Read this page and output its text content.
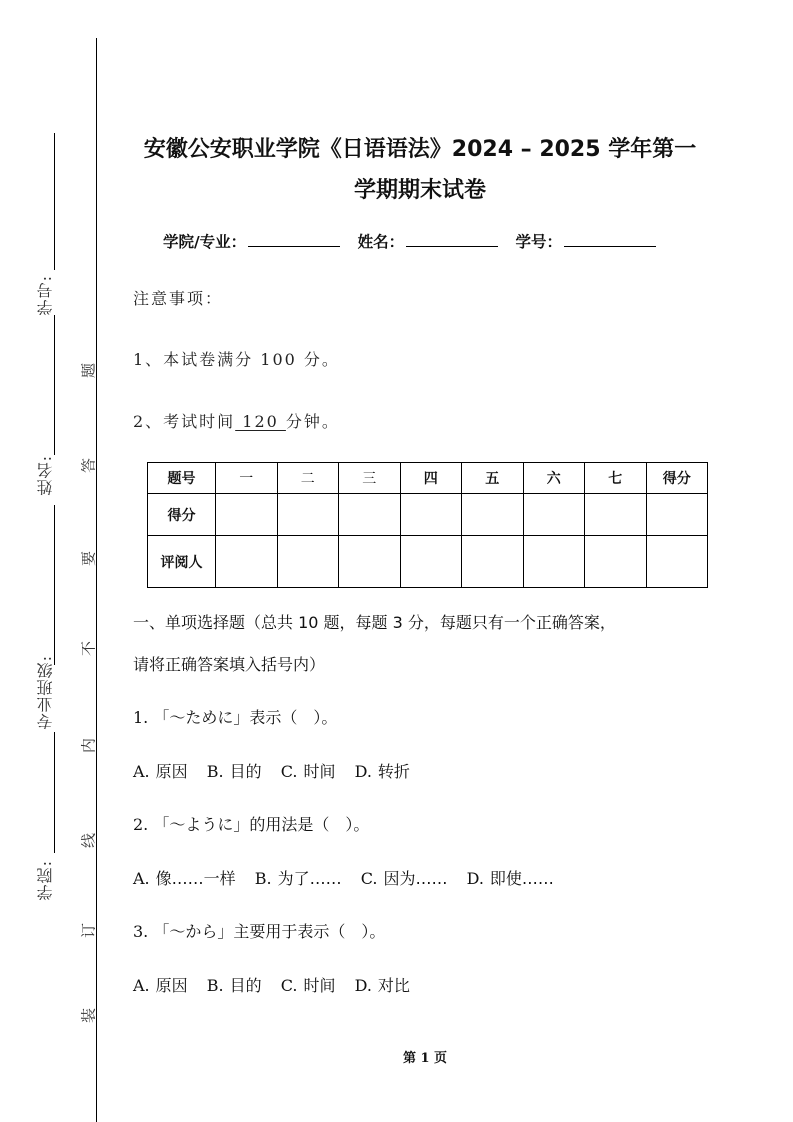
学号:
姓名:
专业班级:
学院:
题
答
要
不
内
线
订
装
安徽公安职业学院《日语语法》2024 – 2025 学年第一
学期期末试卷
学院/专业：	姓名：	学号：
注意事项：
1、本试卷满分 100 分。
2、考试时间 120 分钟。
题号	一	二	三	四	五	六	七	得分
得分								
评阅人								
一、单项选择题（总共 10 题，每题 3 分，每题只有一个正确答案，
请将正确答案填入括号内）
1. 「～ために」表示（　）。
A. 原因 B. 目的 C. 时间 D. 转折
2. 「～ように」的用法是（　）。
A. 像……一样 B. 为了…… C. 因为…… D. 即使……
3. 「～から」主要用于表示（　）。
A. 原因 B. 目的 C. 时间 D. 对比
第 1 页
